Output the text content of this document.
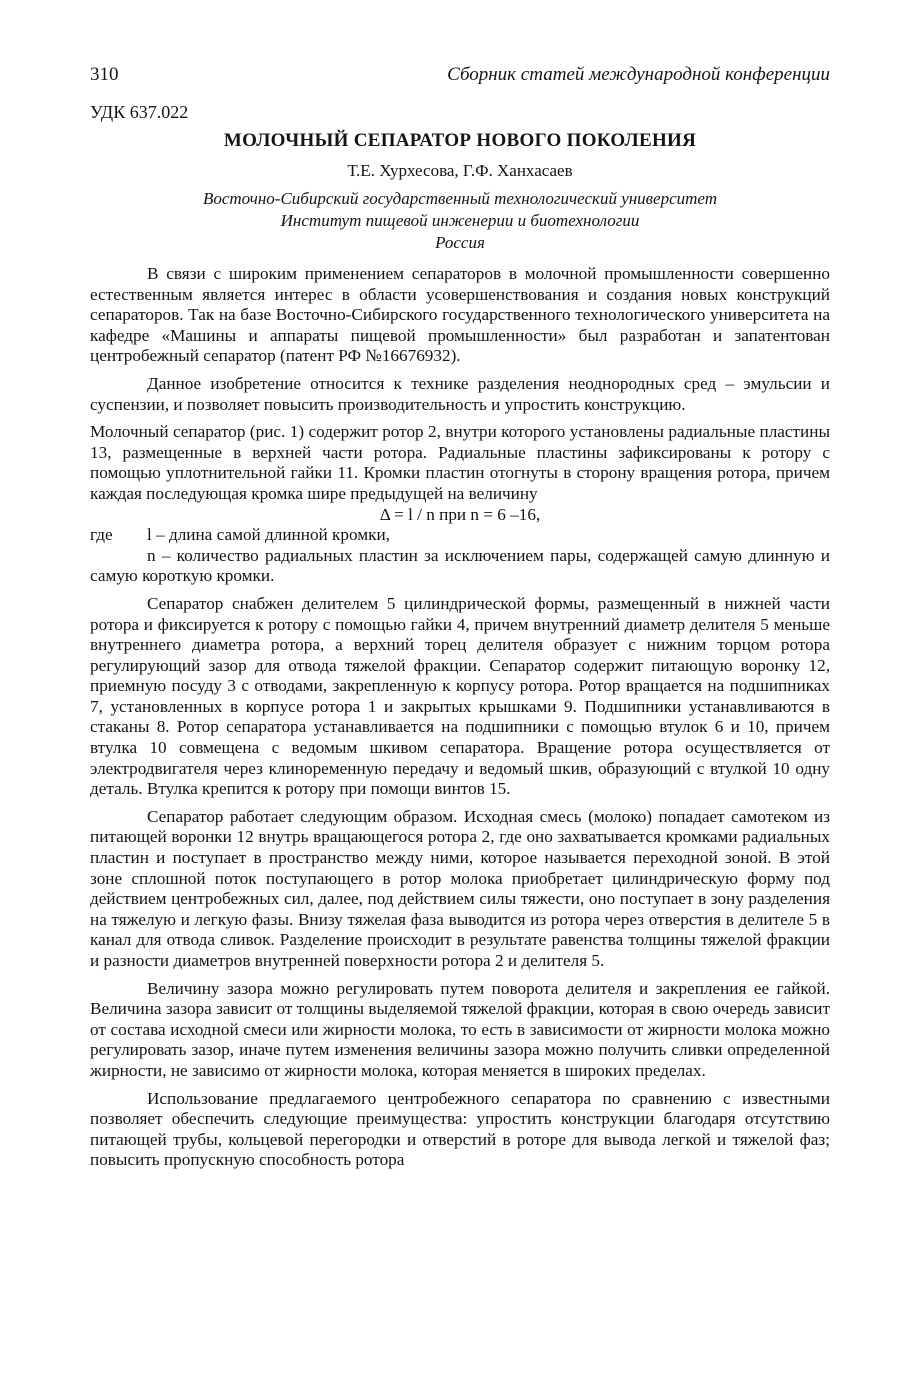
310	Сборник статей международной конференции
УДК 637.022
МОЛОЧНЫЙ СЕПАРАТОР НОВОГО ПОКОЛЕНИЯ
Т.Е. Хурхесова, Г.Ф. Ханхасаев
Восточно-Сибирский государственный технологический университет
Институт пищевой инженерии и биотехнологии
Россия

В связи с широким применением сепараторов в молочной промышленности совершенно естественным является интерес в области усовершенствования и создания новых конструкций сепараторов. Так на базе Восточно-Сибирского государственного технологического университета на кафедре «Машины и аппараты пищевой промышленности» был разработан и запатентован центробежный сепаратор (патент РФ №16676932).

Данное изобретение относится к технике разделения неоднородных сред – эмульсии и суспензии, и позволяет повысить производительность и упростить конструкцию.

Молочный сепаратор (рис. 1) содержит ротор 2, внутри которого установлены радиальные пластины 13, размещенные в верхней части ротора. Радиальные пластины зафиксированы к ротору с помощью уплотнительной гайки 11. Кромки пластин отогнуты в сторону вращения ротора, причем каждая последующая кромка шире предыдущей на величину

Δ = l / n при n = 6 –16,
где	l – длина самой длинной кромки,

n – количество радиальных пластин за исключением пары, содержащей самую длинную и самую короткую кромки.

Сепаратор снабжен делителем 5 цилиндрической формы, размещенный в нижней части ротора и фиксируется к ротору с помощью гайки 4, причем внутренний диаметр делителя 5 меньше внутреннего диаметра ротора, а верхний торец делителя образует с нижним торцом ротора регулирующий зазор для отвода тяжелой фракции. Сепаратор содержит питающую воронку 12, приемную посуду 3 с отводами, закрепленную к корпусу ротора. Ротор вращается на подшипниках 7, установленных в корпусе ротора 1 и закрытых крышками 9. Подшипники устанавливаются в стаканы 8. Ротор сепаратора устанавливается на подшипники с помощью втулок 6 и 10, причем втулка 10 совмещена с ведомым шкивом сепаратора. Вращение ротора осуществляется от электродвигателя через клиноременную передачу и ведомый шкив, образующий с втулкой 10 одну деталь. Втулка крепится к ротору при помощи винтов 15.

Сепаратор работает следующим образом. Исходная смесь (молоко) попадает самотеком из питающей воронки 12 внутрь вращающегося ротора 2, где оно захватывается кромками радиальных пластин и поступает в пространство между ними, которое называется переходной зоной. В этой зоне сплошной поток поступающего в ротор молока приобретает цилиндрическую форму под действием центробежных сил, далее, под действием силы тяжести, оно поступает в зону разделения на тяжелую и легкую фазы. Внизу тяжелая фаза выводится из ротора через отверстия в делителе 5 в канал для отвода сливок. Разделение происходит в результате равенства толщины тяжелой фракции и разности диаметров внутренней поверхности ротора 2 и делителя 5.

Величину зазора можно регулировать путем поворота делителя и закрепления ее гайкой. Величина зазора зависит от толщины выделяемой тяжелой фракции, которая в свою очередь зависит от состава исходной смеси или жирности молока, то есть в зависимости от жирности молока можно регулировать зазор, иначе путем изменения величины зазора можно получить сливки определенной жирности, не зависимо от жирности молока, которая меняется в широких пределах.

Использование предлагаемого центробежного сепаратора по сравнению с известными позволяет обеспечить следующие преимущества: упростить конструкции благодаря отсутствию питающей трубы, кольцевой перегородки и отверстий в роторе для вывода легкой и тяжелой фаз; повысить пропускную способность ротора
